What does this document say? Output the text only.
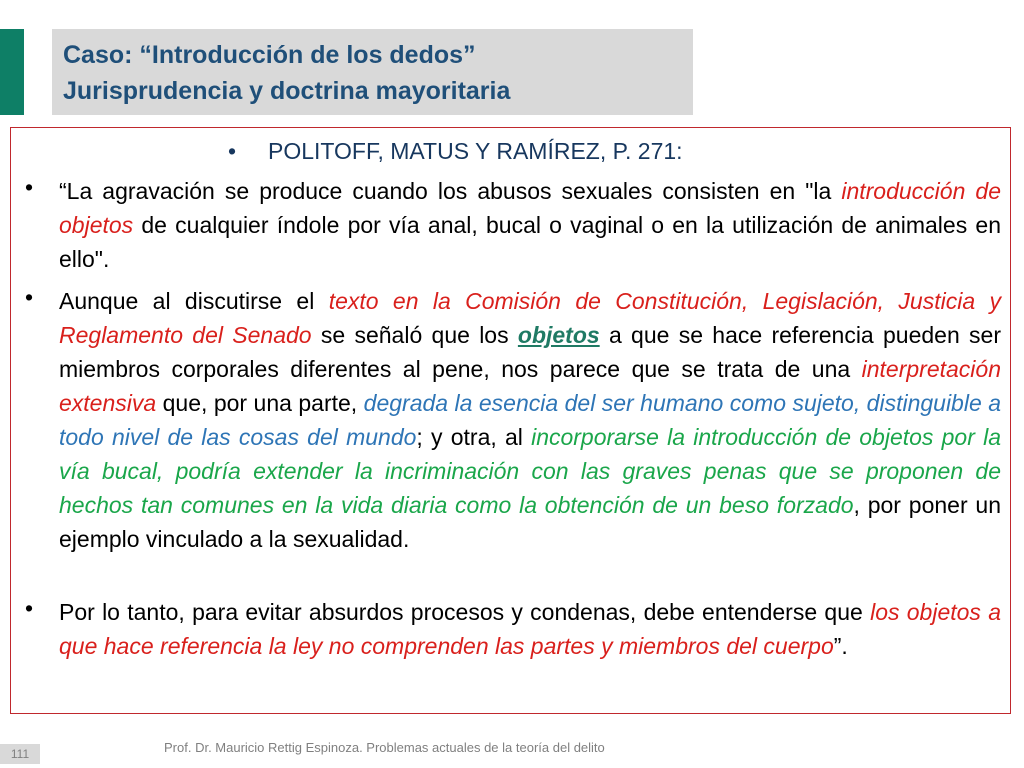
Caso: “Introducción de los dedos”
Jurisprudencia y doctrina mayoritaria
• POLITOFF, MATUS Y RAMÍREZ, P. 271:
• “La agravación se produce cuando los abusos sexuales consisten en "la introducción de objetos de cualquier índole por vía anal, bucal o vaginal o en la utilización de animales en ello".
• Aunque al discutirse el texto en la Comisión de Constitución, Legislación, Justicia y Reglamento del Senado se señaló que los objetos a que se hace referencia pueden ser miembros corporales diferentes al pene, nos parece que se trata de una interpretación extensiva que, por una parte, degrada la esencia del ser humano como sujeto, distinguible a todo nivel de las cosas del mundo; y otra, al incorporarse la introducción de objetos por la vía bucal, podría extender la incriminación con las graves penas que se proponen de hechos tan comunes en la vida diaria como la obtención de un beso forzado, por poner un ejemplo vinculado a la sexualidad.
• Por lo tanto, para evitar absurdos procesos y condenas, debe entenderse que los objetos a que hace referencia la ley no comprenden las partes y miembros del cuerpo”.
Prof. Dr. Mauricio Rettig Espinoza. Problemas actuales de la teoría del delito
111
